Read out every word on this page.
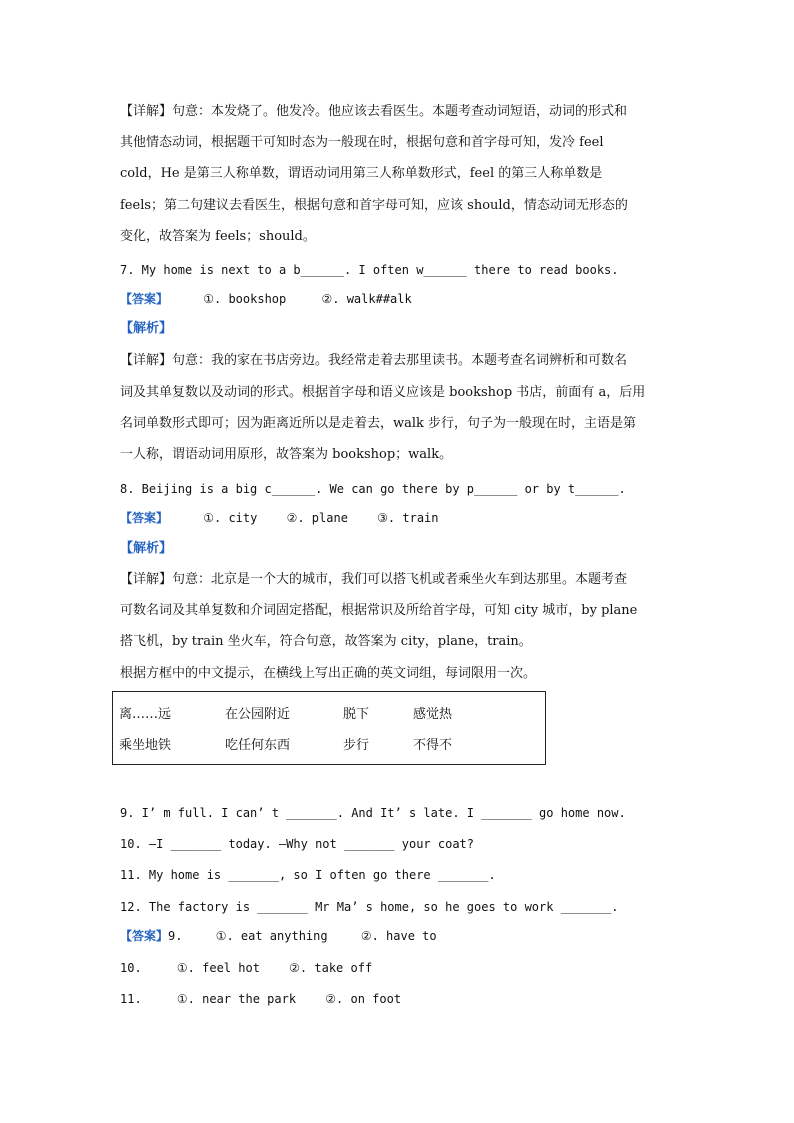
【详解】句意：本发烧了。他发冷。他应该去看医生。本题考查动词短语，动词的形式和
其他情态动词，根据题干可知时态为一般现在时，根据句意和首字母可知，发冷 feel
cold，He 是第三人称单数，谓语动词用第三人称单数形式，feel 的第三人称单数是
feels；第二句建议去看医生，根据句意和首字母可知，应该 should，情态动词无形态的
变化，故答案为 feels；should。
7. My home is next to a b______. I often w______ there to read books.
【答案】	①. bookshop	②. walk##alk
【解析】
【详解】句意：我的家在书店旁边。我经常走着去那里读书。本题考查名词辨析和可数名
词及其单复数以及动词的形式。根据首字母和语义应该是 bookshop 书店，前面有 a，后用
名词单数形式即可；因为距离近所以是走着去，walk 步行，句子为一般现在时，主语是第
一人称，谓语动词用原形，故答案为 bookshop；walk。
8. Beijing is a big c______. We can go there by p______ or by t______.
【答案】	①. city ②. plane ③. train
【解析】
【详解】句意：北京是一个大的城市，我们可以搭飞机或者乘坐火车到达那里。本题考查
可数名词及其单复数和介词固定搭配，根据常识及所给首字母，可知 city 城市，by plane
搭飞机，by train 坐火车，符合句意，故答案为 city，plane，train。
根据方框中的中文提示，在横线上写出正确的英文词组，每词限用一次。
离……远	在公园附近	脱下	感觉热
乘坐地铁	吃任何东西	步行	不得不
9. I’ m full. I can’ t _______. And It’ s late. I _______ go home now.
10. —I _______ today. —Why not _______ your coat?
11. My home is _______, so I often go there _______.
12. The factory is _______ Mr Ma’ s home, so he goes to work _______.
【答案】9.	①. eat anything	②. have to
10.	①. feel hot ②. take off
11.	①. near the park ②. on foot
